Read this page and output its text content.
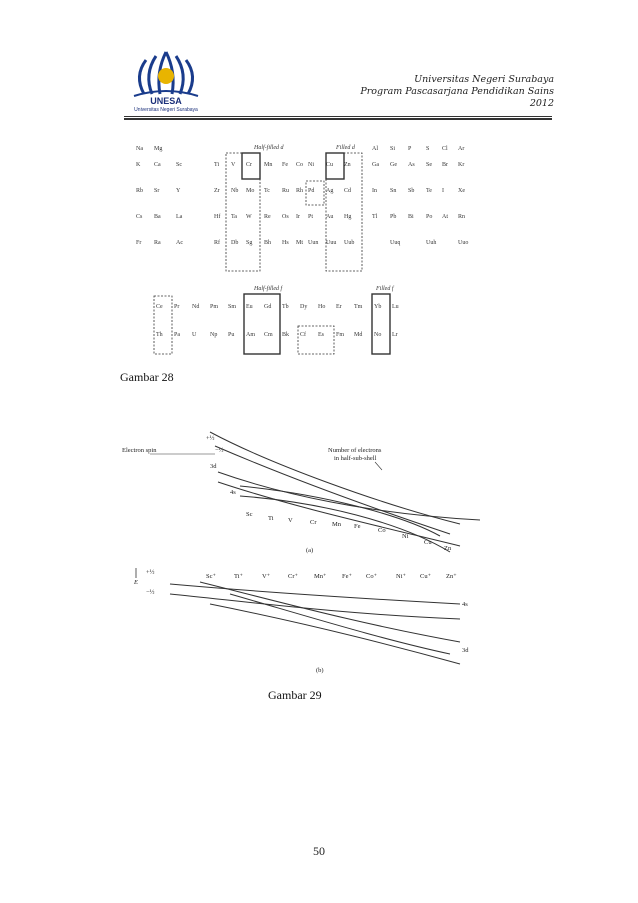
UNESA
Universitas Negeri Surabaya
Universitas Negeri Surabaya
Program Pascasarjana Pendidikan Sains
2012
Half-filled d	Filled d
Half-filled f	Filled f
Na Mg	Al Si P S Cl Ar
K Ca	Sc	Ti V Cr Mn Fe Co Ni Cu Zn	Ga Ge As Se Br Kr
Rb Sr	Y	Zr Nb Mo Tc Ru Rh Pd Ag Cd	In Sn Sb Te I Xe
Cs Ba	La	Hf Ta W Re Os Ir Pt Au Hg	Tl Pb Bi Po At Rn
Fr Ra	Ac	Rf Db Sg Bh Hs Mt Uun Uuu Uub	Uuq	Uuh	Uuo
Ce Pr Nd Pm Sm Eu Gd Tb Dy Ho Er Tm Yb Lu
Th Pa U Np Pu Am Cm Bk Cf Es Fm Md No Lr
Gambar 28
Electron spin
+½
−½
3d
4s
Number of electrons
in half-sub-shell
Sc
Ti V	Cr Mn Fe
Co
Ni
Cu
Zn
(a)
E
+½
−½
Sc⁺	Ti⁺	V⁺	Cr⁺ Mn⁺ Fe⁺ Co⁺	Ni⁺ Cu⁺ Zn⁺
4s
3d
(b)
Gambar 29
50
